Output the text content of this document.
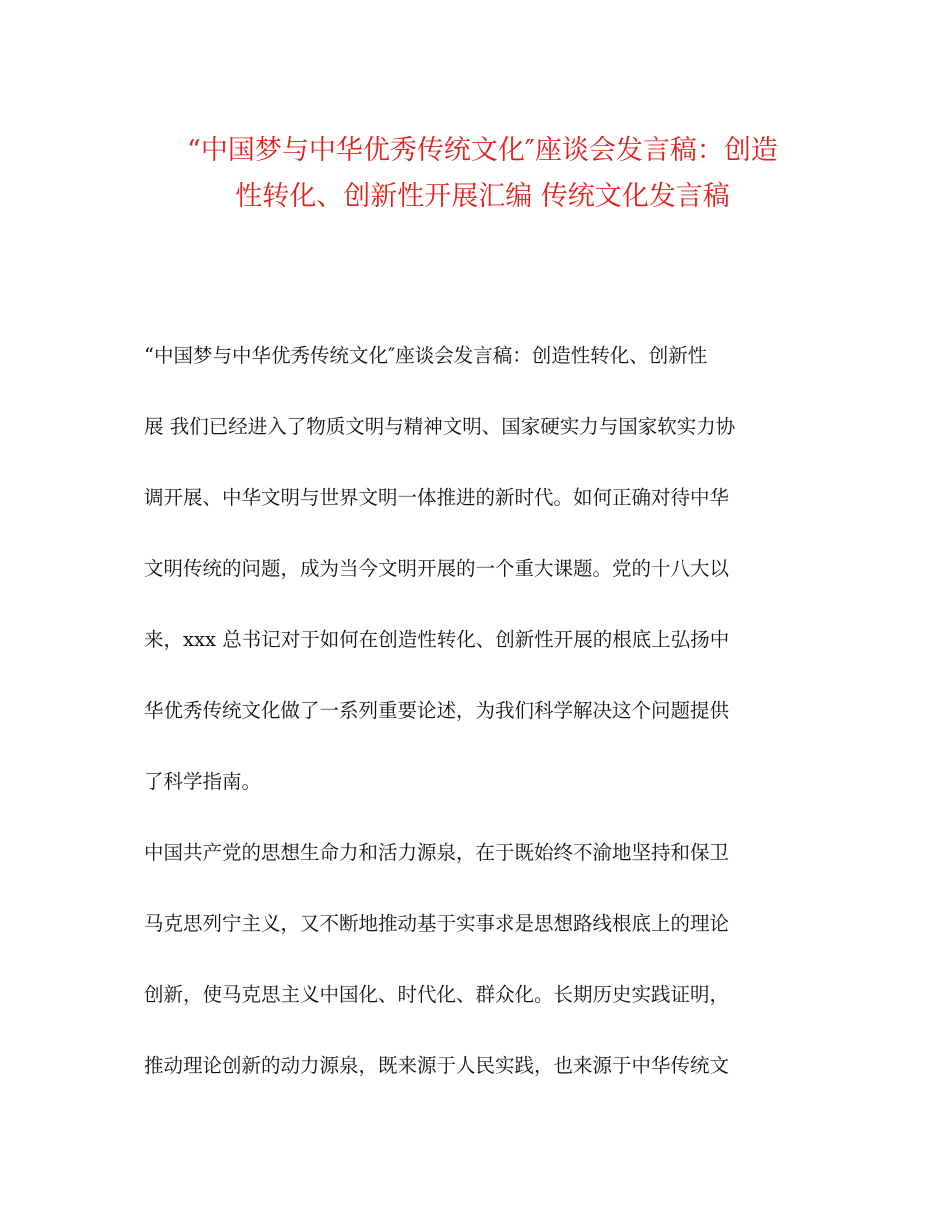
“中国梦与中华优秀传统文化″座谈会发言稿：创造
性转化、创新性开展汇编 传统文化发言稿

“中国梦与中华优秀传统文化″座谈会发言稿：创造性转化、创新性

展 我们已经进入了物质文明与精神文明、国家硬实力与国家软实力协

调开展、中华文明与世界文明一体推进的新时代。如何正确对待中华

文明传统的问题，成为当今文明开展的一个重大课题。党的十八大以

来，xxx 总书记对于如何在创造性转化、创新性开展的根底上弘扬中

华优秀传统文化做了一系列重要论述，为我们科学解决这个问题提供

了科学指南。

中国共产党的思想生命力和活力源泉，在于既始终不渝地坚持和保卫

马克思列宁主义，又不断地推动基于实事求是思想路线根底上的理论

创新，使马克思主义中国化、时代化、群众化。长期历史实践证明，

推动理论创新的动力源泉，既来源于人民实践，也来源于中华传统文
